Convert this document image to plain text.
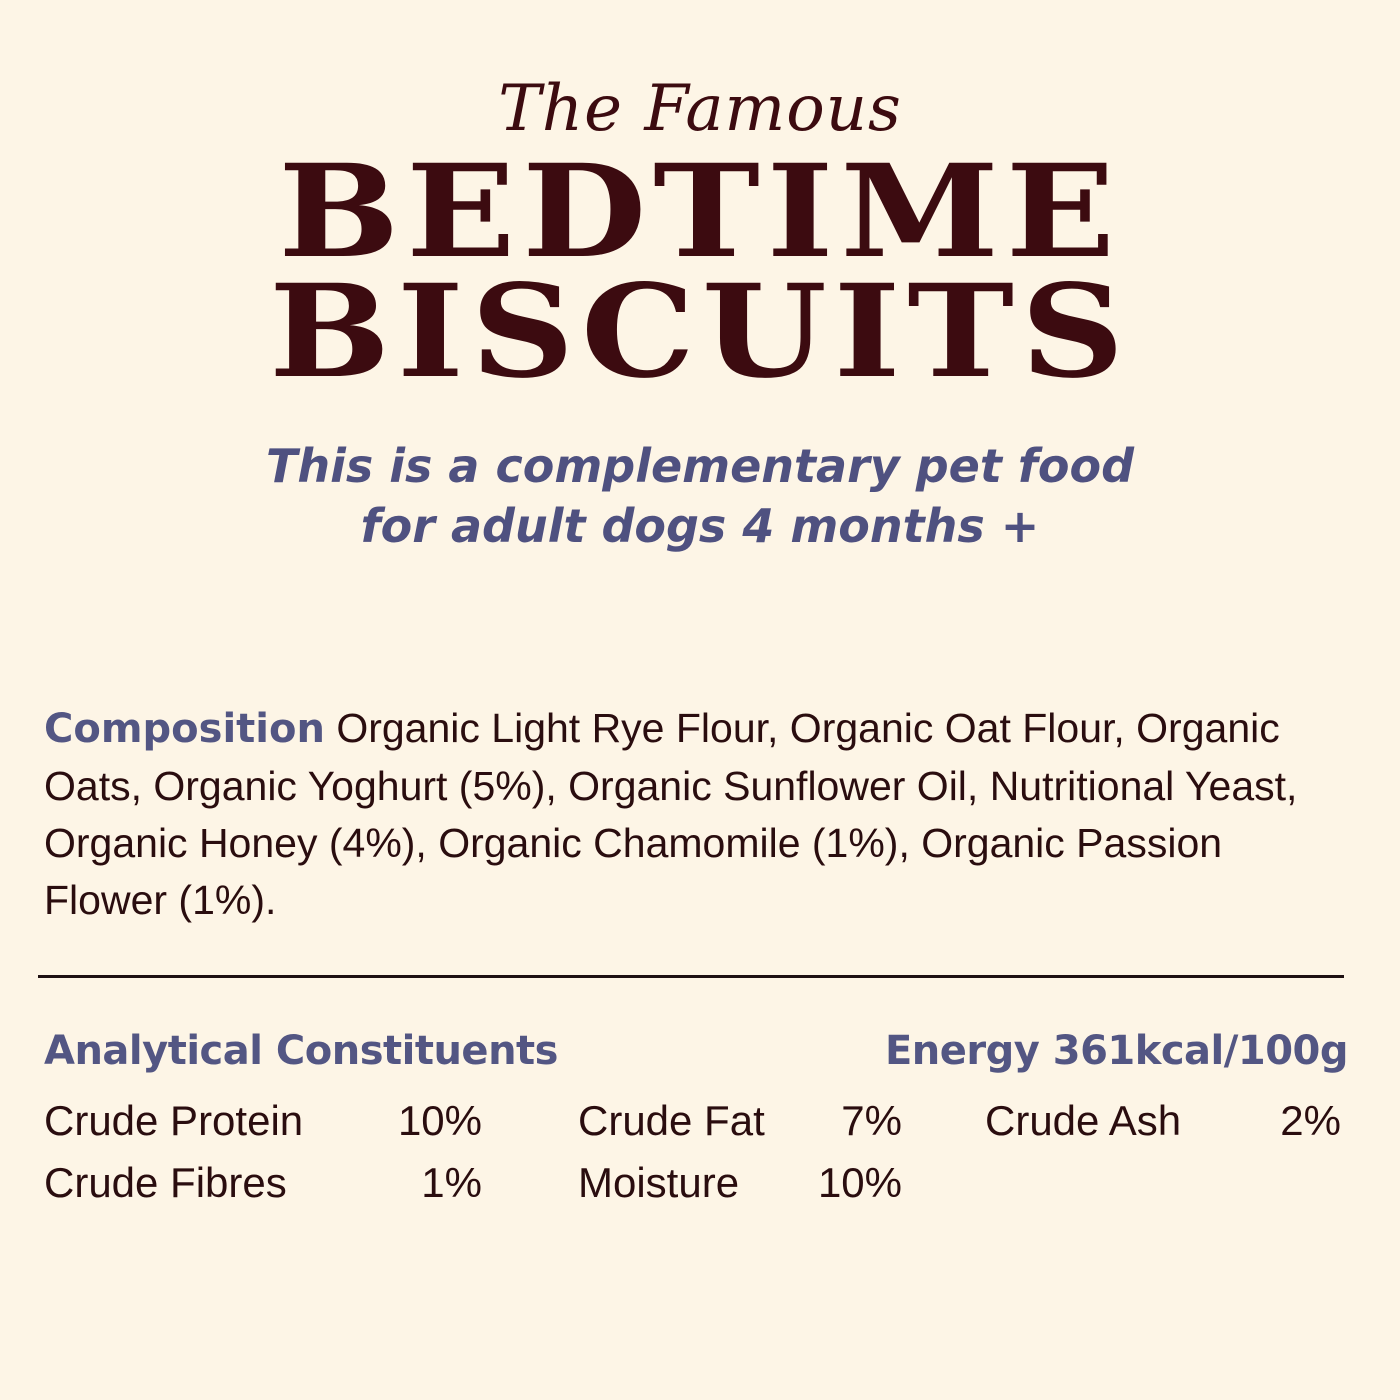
The Famous
BEDTIME
BISCUITS
This is a complementary pet food
for adult dogs 4 months +
Composition Organic Light Rye Flour, Organic Oat Flour, Organic Oats, Organic Yoghurt (5%), Organic Sunflower Oil, Nutritional Yeast, Organic Honey (4%), Organic Chamomile (1%), Organic Passion Flower (1%).
Analytical Constituents	Energy 361kcal/100g
Crude Protein 10% Crude Fat 7% Crude Ash 2%
Crude Fibres	1% Moisture 10%
